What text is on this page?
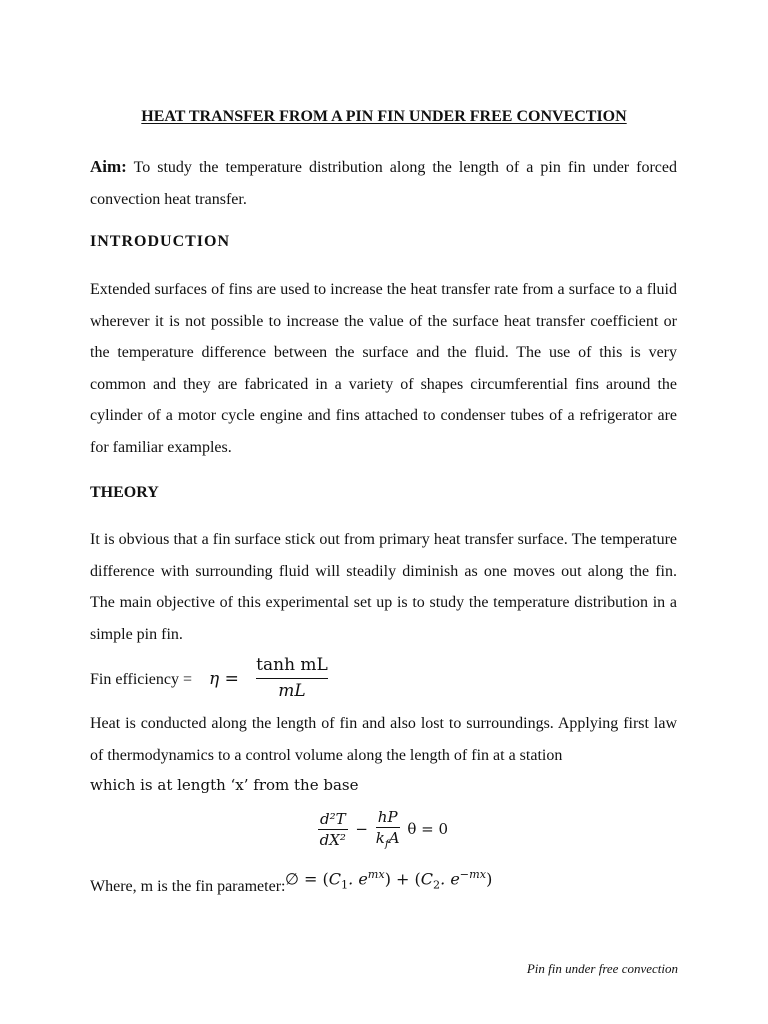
HEAT TRANSFER FROM A PIN FIN UNDER FREE CONVECTION
Aim: To study the temperature distribution along the length of a pin fin under forced convection heat transfer.
INTRODUCTION
Extended surfaces of fins are used to increase the heat transfer rate from a surface to a fluid wherever it is not possible to increase the value of the surface heat transfer coefficient or the temperature difference between the surface and the fluid. The use of this is very common and they are fabricated in a variety of shapes circumferential fins around the cylinder of a motor cycle engine and fins attached to condenser tubes of a refrigerator are for familiar examples.
THEORY
It is obvious that a fin surface stick out from primary heat transfer surface. The temperature difference with surrounding fluid will steadily diminish as one moves out along the fin. The main objective of this experimental set up is to study the temperature distribution in a simple pin fin.
Fin efficiency = η =
tanh mL
mL
Heat is conducted along the length of fin and also lost to surroundings. Applying first law of thermodynamics to a control volume along the length of fin at a station
which is at length ‘x’ from the base
$\frac{\text{d²T}}{\text{dX²}}$ −
hP
$k_fA$ θ = 0
∅ = ($C_1$. $e^{mx}) + (C_2$. $e^{-mx}$)
Where, m is the fin parameter:
Pin fin under free convection
